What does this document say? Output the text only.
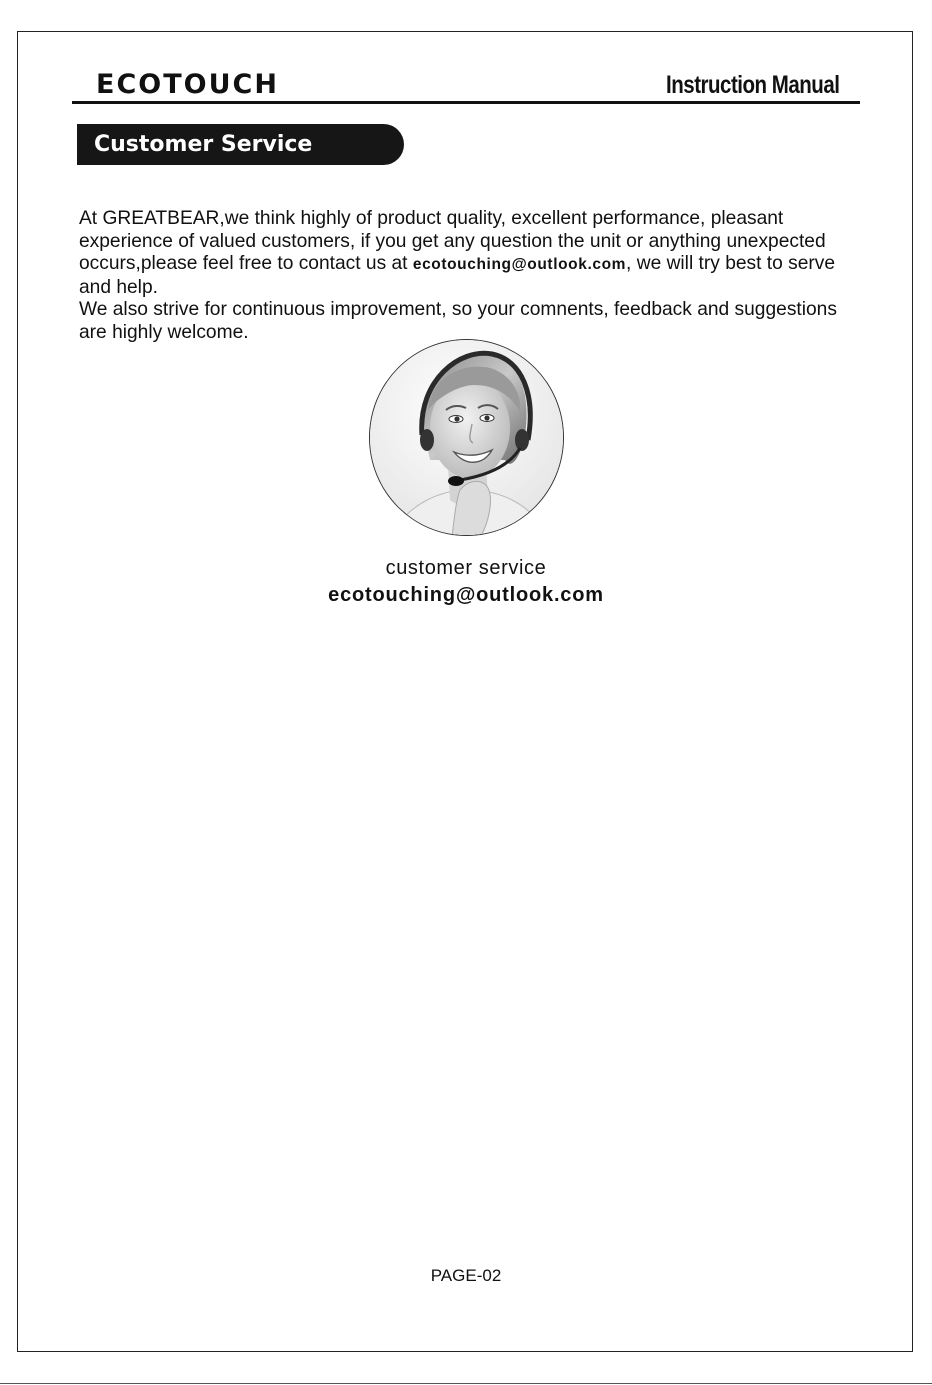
ECOTOUCH	Instruction Manual
Customer Service

At GREATBEAR,we think highly of product quality, excellent performance, pleasant experience of valued customers, if you get any question the unit or anything unexpected occurs,please feel free to contact us at ecotouching@outlook.com, we will try best to serve and help.

We also strive for continuous improvement, so your comnents, feedback and suggestions are highly welcome.

customer service
ecotouching@outlook.com
PAGE-02
